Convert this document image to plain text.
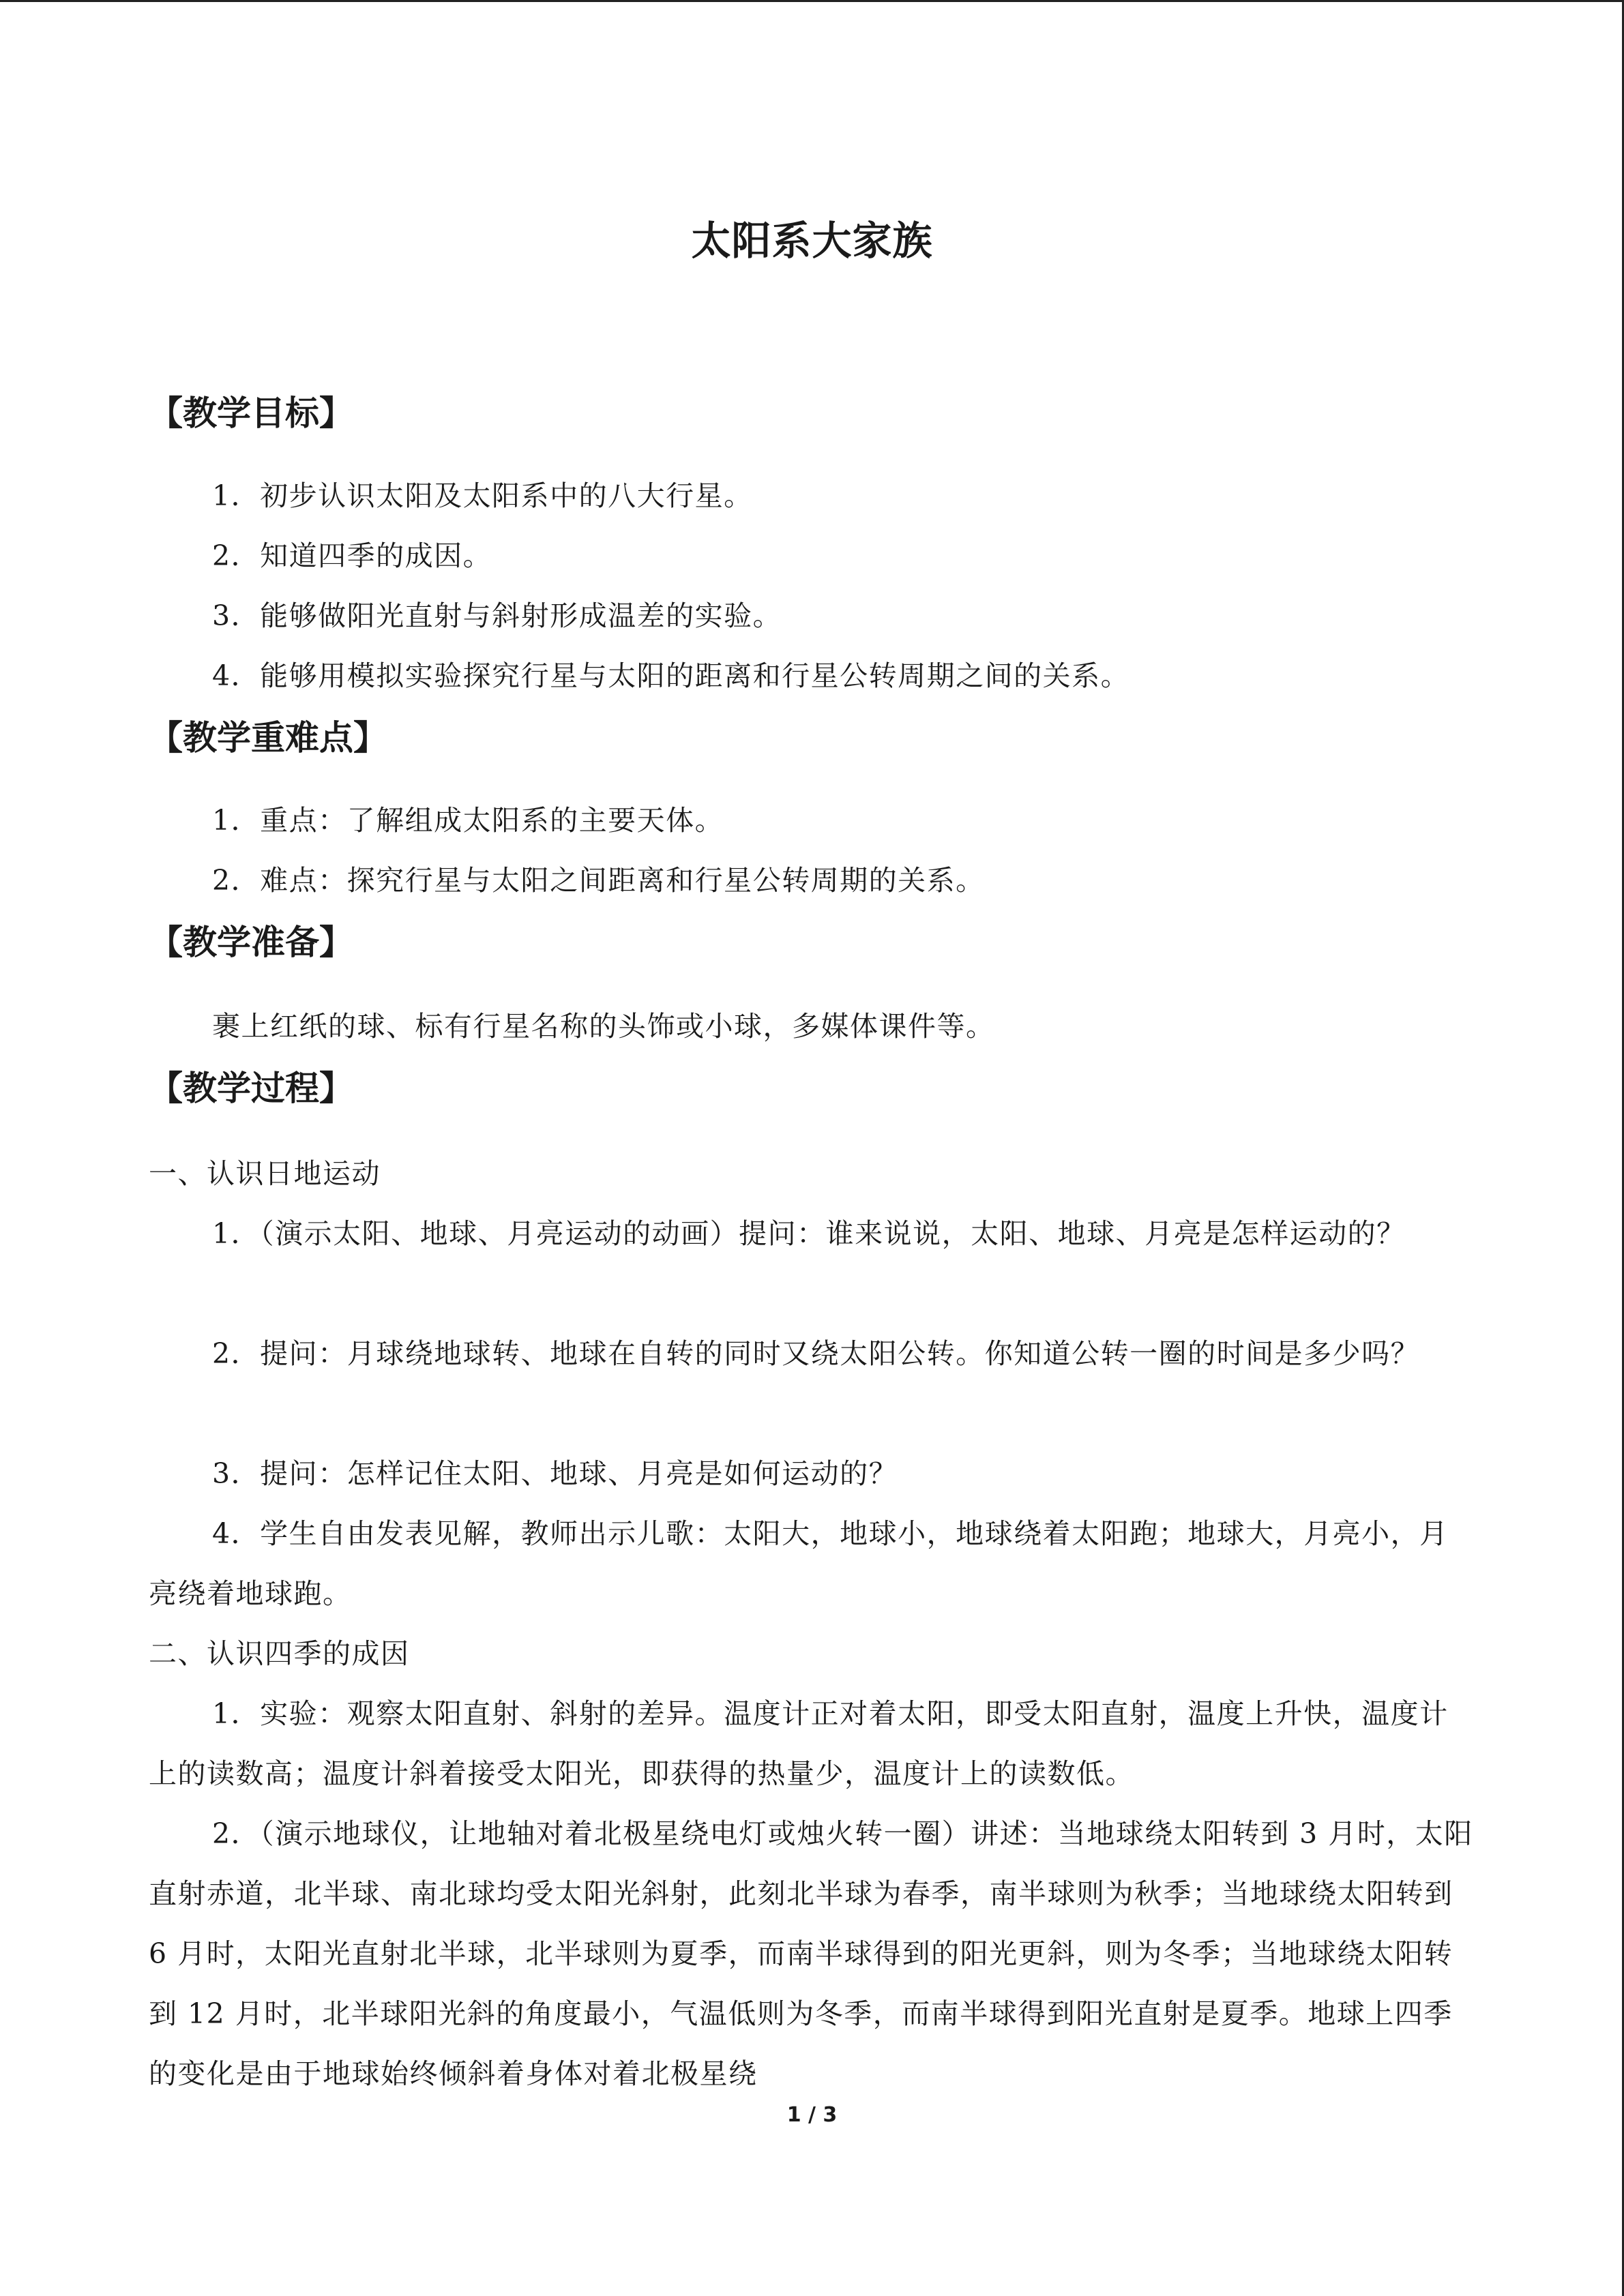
太阳系大家族
【教学目标】
1．初步认识太阳及太阳系中的八大行星。
2．知道四季的成因。
3．能够做阳光直射与斜射形成温差的实验。
4．能够用模拟实验探究行星与太阳的距离和行星公转周期之间的关系。
【教学重难点】
1．重点：了解组成太阳系的主要天体。
2．难点：探究行星与太阳之间距离和行星公转周期的关系。
【教学准备】
裹上红纸的球、标有行星名称的头饰或小球，多媒体课件等。
【教学过程】
一、认识日地运动
1．（演示太阳、地球、月亮运动的动画）提问：谁来说说，太阳、地球、月亮是怎样运动的？
2．提问：月球绕地球转、地球在自转的同时又绕太阳公转。你知道公转一圈的时间是多少吗？
3．提问：怎样记住太阳、地球、月亮是如何运动的？
4．学生自由发表见解，教师出示儿歌：太阳大，地球小，地球绕着太阳跑；地球大，月亮小，月亮绕着地球跑。
二、认识四季的成因
1．实验：观察太阳直射、斜射的差异。温度计正对着太阳，即受太阳直射，温度上升快，温度计上的读数高；温度计斜着接受太阳光，即获得的热量少，温度计上的读数低。
2．（演示地球仪，让地轴对着北极星绕电灯或烛火转一圈）讲述：当地球绕太阳转到 3 月时，太阳直射赤道，北半球、南北球均受太阳光斜射，此刻北半球为春季，南半球则为秋季；当地球绕太阳转到 6 月时，太阳光直射北半球，北半球则为夏季，而南半球得到的阳光更斜，则为冬季；当地球绕太阳转到 12 月时，北半球阳光斜的角度最小，气温低则为冬季，而南半球得到阳光直射是夏季。地球上四季的变化是由于地球始终倾斜着身体对着北极星绕
1 / 3
